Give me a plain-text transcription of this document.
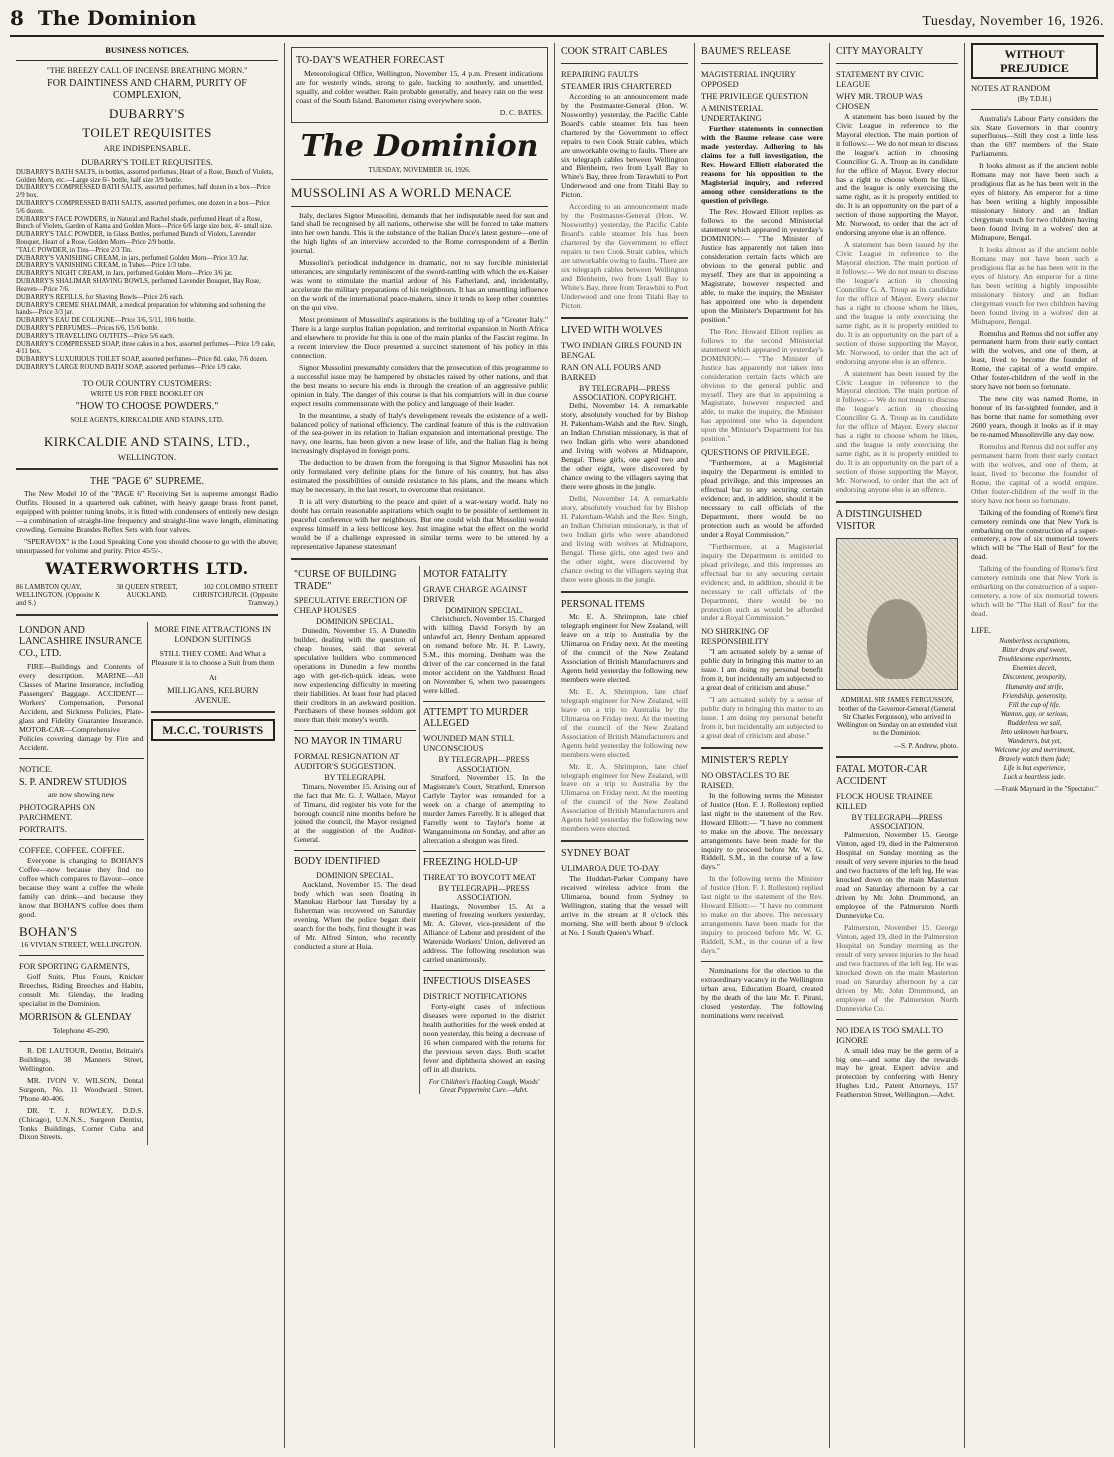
8 The Dominion	Tuesday, November 16, 1926.
BUSINESS NOTICES.
"THE BREEZY CALL OF INCENSE BREATHING MORN."
FOR DAINTINESS AND CHARM, PURITY OF COMPLEXION,
DUBARRY'S
TOILET REQUISITES
ARE INDISPENSABLE.
DUBARRY'S TOILET REQUISITES.
DUBARRY'S BATH SALTS, in bottles, assorted perfumes, Heart of a Rose, Bunch of Violets, Golden Morn, etc.—Large size 6/- bottle, half size 3/9 bottle.
DUBARRY'S COMPRESSED BATH SALTS, assorted perfumes, half dozen in a box—Price 2/9 box.
DUBARRY'S COMPRESSED BATH SALTS, assorted perfumes, one dozen in a box—Price 5/6 dozen.
DUBARRY'S FACE POWDERS, in Natural and Rachel shade, perfumed Heart of a Rose, Bunch of Violets, Garden of Kama and Golden Morn—Price 6/6 large size box, 4/- small size.
DUBARRY'S TALC POWDER, in Glass Bottles, perfumed Bunch of Violets, Lavender Bouquet, Heart of a Rose, Golden Morn—Price 2/9 bottle.
"TALC POWDER, in Tins—Price 2/3 Tin.
DUBARRY'S VANISHING CREAM, in jars, perfumed Golden Morn—Price 3/3 Jar.
DUBARRY'S VANISHING CREAM, in Tubes—Price 1/3 tube.
DUBARRY'S NIGHT CREAM, in Jars, perfumed Golden Morn—Price 3/6 jar.
DUBARRY'S SHALIMAR SHAVING BOWLS, perfumed Lavender Bouquet, Bay Rose, Heaven—Price 7/6.
DUBARRY'S REFILLS, for Shaving Bowls—Price 2/6 each.
DUBARRY'S CREME SHALIMAR, a medical preparation for whitening and softening the hands—Price 3/3 jar.
DUBARRY'S EAU DE COLOGNE—Price 3/6, 5/11, 10/6 bottle.
DUBARRY'S PERFUMES—Prices 6/6, 15/6 bottle.
DUBARRY'S TRAVELLING OUTFITS—Price 5/6 each.
DUBARRY'S COMPRESSED SOAP, three cakes in a box, assorted perfumes—Price 1/9 cake, 4/11 box.
DUBARRY'S LUXURIOUS TOILET SOAP, assorted perfumes—Price 8d. cake, 7/6 dozen.
DUBARRY'S LARGE ROUND BATH SOAP, assorted perfumes—Price 1/9 cake.
TO OUR COUNTRY CUSTOMERS:
WRITE US FOR FREE BOOKLET ON
"HOW TO CHOOSE POWDERS."
SOLE AGENTS, KIRKCALDIE AND STAINS, LTD.
KIRKCALDIE AND STAINS, LTD.,
WELLINGTON.
THE "PAGE 6" SUPREME.

The New Model 10 of the "PAGE 6" Receiving Set is supreme amongst Radio Outfits. Housed in a quartered oak cabinet, with heavy gauge brass front panel, equipped with pointer tuning knobs, it is fitted with condensers of entirely new design—a combination of straight-line frequency and straight-line wave length, eliminating crowding. Genuine Brandes Reflex Sets with four valves.

"SPERAVOX" is the Loud Speaking Cone you should choose to go with the above; unsurpassed for volume and purity. Price 45/5/-.

WATERWORTHS LTD.
86 LAMBTON QUAY, WELLINGTON. (Opposite K and S.)
38 QUEEN STREET, AUCKLAND.
102 COLOMBO STREET CHRISTCHURCH. (Opposite Tramway.)
LONDON AND LANCASHIRE INSURANCE CO., LTD.

FIRE—Buildings and Contents of every description. MARINE—All Classes of Marine Insurance, including Passengers' Baggage. ACCIDENT—Workers' Compensation, Personal Accident, and Sickness Policies, Plate-glass and Fidelity Guarantee Insurance. MOTOR-CAR—Comprehensive Policies covering damage by Fire and Accident.

NOTICE.
S. P. ANDREW STUDIOS
are now showing new
PHOTOGRAPHS ON PARCHMENT.
PORTRAITS.
COFFEE. COFFEE. COFFEE.

Everyone is changing to BOHAN'S Coffee—now because they find no coffee which compares to flavour—once because they want a coffee the whole family can drink—and because they know that BOHAN'S coffee does them good.

BOHAN'S
16 VIVIAN STREET, WELLINGTON.
FOR SPORTING GARMENTS,

Golf Suits, Plus Fours, Knicker Breeches, Riding Breeches and Habits, consult Mr. Glenday, the leading specialist in the Dominion.

MORRISON & GLENDAY
Telephone 45-290.

R. DE LAUTOUR, Dentist, Brittain's Buildings, 38 Manners Street, Wellington.

MR. IVON V. WILSON, Dental Surgeon, No. 11 Woodward Street. 'Phone 40-406.

DR. T. J. ROWLEY, D.D.S. (Chicago), U.N.N.S., Surgeon Dentist, Tonks Buildings, Corner Cuba and Dixon Streets.

MORE FINE ATTRACTIONS IN LONDON SUITINGS
STILL THEY COME: And What a Pleasure it is to choose a Suit from them
At
MILLIGANS, KELBURN AVENUE.
M.C.C. TOURISTS
TO-DAY'S WEATHER FORECAST

Meteorological Office, Wellington, November 15, 4 p.m. Present indications are for westerly winds, strong to gale, backing to southerly, and unsettled, squally, and colder weather. Rain probable generally, and heavy rain on the west coast of the South Island. Barometer rising everywhere soon.

D. C. BATES.
The Dominion
TUESDAY, NOVEMBER 16, 1926.
MUSSOLINI AS A WORLD MENACE

Italy, declares Signor Mussolini, demands that her indisputable need for sun and land shall be recognised by all nations, otherwise she will be forced to take matters into her own hands. This is the substance of the Italian Duce's latest gesture—one of the high lights of an interview accorded to the Rome correspondent of a Berlin journal.

Mussolini's periodical indulgence in dramatic, not to say forcible ministerial utterances, are singularly reminiscent of the sword-rattling with which the ex-Kaiser was wont to stimulate the martial ardour of his Fatherland, and, incidentally, accelerate the military preparations of his neighbours. It has an unsettling influence on the work of the international peace-makers, since it tends to keep other countries on the qui vive.

Most prominent of Mussolini's aspirations is the building up of a "Greater Italy." There is a large surplus Italian population, and territorial expansion in North Africa and elsewhere to provide for this is one of the main planks of the Fascist regime. In a recent interview the Duce presented a succinct statement of his policy in this connection.

Signor Mussolini presumably considers that the prosecution of this programme to a successful issue may be hampered by obstacles raised by other nations, and that the best means to secure his ends is through the creation of an aggressive public opinion in Italy. The danger of this course is that his compatriots will in due course expect results commensurate with the policy and language of their leader.

In the meantime, a study of Italy's development reveals the existence of a well-balanced policy of national efficiency. The cardinal feature of this is the cultivation of the sea-power in its relation to Italian expansion and international prestige. The navy, one learns, has been given a new lease of life, and the Italian flag is being increasingly displayed in foreign ports.

The deduction to be drawn from the foregoing is that Signor Mussolini has not only formulated very definite plans for the future of his country, but has also estimated the possibilities of outside resistance to his plans, and the means which may be necessary, in the last resort, to overcome that resistance.

It is all very disturbing to the peace and quiet of a war-weary world. Italy no doubt has certain reasonable aspirations which ought to be possible of settlement in peaceful conference with her neighbours. But one could wish that Mussolini would express himself in a less bellicose key. Just imagine what the effect on the world would be if a challenge expressed in similar terms were to be uttered by a representative Japanese statesman!

"CURSE OF BUILDING TRADE"
SPECULATIVE ERECTION OF CHEAP HOUSES
DOMINION SPECIAL.

Dunedin, November 15. A Dunedin builder, dealing with the question of cheap houses, said that several speculative builders who commenced operations in Dunedin a few months ago with get-rich-quick ideas, were now experiencing difficulty in meeting their liabilities. At least four had placed their creditors in an awkward position. Purchasers of these houses seldom got more than their money's worth.

NO MAYOR IN TIMARU
FORMAL RESIGNATION AT AUDITOR'S SUGGESTION.
BY TELEGRAPH.

Timaru, November 15. Arising out of the fact that Mr. G. J. Wallace, Mayor of Timaru, did register his vote for the borough council nine months before he joined the council, the Mayor resigned at the suggestion of the Auditor-General.

BODY IDENTIFIED
DOMINION SPECIAL.

Auckland, November 15. The dead body which was seen floating in Manukau Harbour last Tuesday by a fisherman was recovered on Saturday evening. When the police began their search for the body, first thought it was of Mr. Alfred Sinton, who recently conducted a store at Huia.

MOTOR FATALITY
GRAVE CHARGE AGAINST DRIVER
DOMINION SPECIAL.

Christchurch, November 15. Charged with killing David Forsyth by an unlawful act, Henry Denham appeared on remand before Mr. H. P. Lawry, S.M., this morning. Denham was the driver of the car concerned in the fatal motor accident on the Yaldhurst Road on November 6, when two passengers were killed.

ATTEMPT TO MURDER ALLEGED
WOUNDED MAN STILL UNCONSCIOUS
BY TELEGRAPH—PRESS ASSOCIATION.

Stratford, November 15. In the Magistrate's Court, Stratford, Emerson Carlyle Taylor was remanded for a week on a charge of attempting to murder James Farrelly. It is alleged that Farrelly went to Taylor's home at Wanganuimona on Sunday, and after an altercation a shotgun was fired.

FREEZING HOLD-UP
THREAT TO BOYCOTT MEAT
BY TELEGRAPH—PRESS ASSOCIATION.

Hastings, November 15. At a meeting of freezing workers yesterday, Mr. A. Glover, vice-president of the Alliance of Labour and president of the Waterside Workers' Union, delivered an address. The following resolution was carried unanimously.

INFECTIOUS DISEASES
DISTRICT NOTIFICATIONS

Forty-eight cases of infectious diseases were reported to the district health authorities for the week ended at noon yesterday, this being a decrease of 16 when compared with the returns for the previous seven days. Both scarlet fever and diphtheria showed an easing off in all districts.

For Children's Hacking Cough, Woods' Great Peppermint Cure.—Advt.
COOK STRAIT CABLES
REPAIRING FAULTS
STEAMER IRIS CHARTERED

According to an announcement made by the Postmaster-General (Hon. W. Nosworthy) yesterday, the Pacific Cable Board's cable steamer Iris has been chartered by the Government to effect repairs to two Cook Strait cables, which are unworkable owing to faults. There are six telegraph cables between Wellington and Blenheim, two from Lyall Bay to White's Bay, three from Terawhiti to Port Underwood and one from Titahi Bay to Picton.

According to an announcement made by the Postmaster-General (Hon. W. Nosworthy) yesterday, the Pacific Cable Board's cable steamer Iris has been chartered by the Government to effect repairs to two Cook Strait cables, which are unworkable owing to faults. There are six telegraph cables between Wellington and Blenheim, two from Lyall Bay to White's Bay, three from Terawhiti to Port Underwood and one from Titahi Bay to Picton.

LIVED WITH WOLVES
TWO INDIAN GIRLS FOUND IN BENGAL
RAN ON ALL FOURS AND BARKED
BY TELEGRAPH—PRESS ASSOCIATION. COPYRIGHT.

Delhi, November 14. A remarkable story, absolutely vouched for by Bishop H. Pakenham-Walsh and the Rev. Singh, an Indian Christian missionary, is that of two Indian girls who were abandoned and living with wolves at Midnapore, Bengal. These girls, one aged two and the other eight, were discovered by chance owing to the villagers saying that there were ghosts in the jungle.

Delhi, November 14. A remarkable story, absolutely vouched for by Bishop H. Pakenham-Walsh and the Rev. Singh, an Indian Christian missionary, is that of two Indian girls who were abandoned and living with wolves at Midnapore, Bengal. These girls, one aged two and the other eight, were discovered by chance owing to the villagers saying that there were ghosts in the jungle.

PERSONAL ITEMS

Mr. E. A. Shrimpton, late chief telegraph engineer for New Zealand, will leave on a trip to Australia by the Ulimaroa on Friday next. At the meeting of the council of the New Zealand Association of British Manufacturers and Agents held yesterday the following new members were elected.

Mr. E. A. Shrimpton, late chief telegraph engineer for New Zealand, will leave on a trip to Australia by the Ulimaroa on Friday next. At the meeting of the council of the New Zealand Association of British Manufacturers and Agents held yesterday the following new members were elected.

Mr. E. A. Shrimpton, late chief telegraph engineer for New Zealand, will leave on a trip to Australia by the Ulimaroa on Friday next. At the meeting of the council of the New Zealand Association of British Manufacturers and Agents held yesterday the following new members were elected.

SYDNEY BOAT
ULIMAROA DUE TO-DAY

The Huddart-Parker Company have received wireless advice from the Ulimaroa, bound from Sydney to Wellington, stating that the vessel will arrive in the stream at 8 o'clock this morning. She will berth about 9 o'clock at No. 1 South Queen's Wharf.

BAUME'S RELEASE
MAGISTERIAL INQUIRY OPPOSED
THE PRIVILEGE QUESTION
A MINISTERIAL UNDERTAKING

Further statements in connection with the Baume release case were made yesterday. Adhering to his claims for a full investigation, the Rev. Howard Elliott elaborated the reasons for his opposition to the Magisterial inquiry, and referred among other considerations to the question of privilege.

The Rev. Howard Elliott replies as follows to the second Ministerial statement which appeared in yesterday's DOMINION:— "The Minister of Justice has apparently not taken into consideration certain facts which are obvious to the general public and myself. They are that in appointing a Magistrate, however respected and able, to make the inquiry, the Minister has appointed one who is dependent upon the Minister's Department for his position."

The Rev. Howard Elliott replies as follows to the second Ministerial statement which appeared in yesterday's DOMINION:— "The Minister of Justice has apparently not taken into consideration certain facts which are obvious to the general public and myself. They are that in appointing a Magistrate, however respected and able, to make the inquiry, the Minister has appointed one who is dependent upon the Minister's Department for his position."

QUESTIONS OF PRIVILEGE.

"Furthermore, at a Magisterial inquiry the Department is entitled to plead privilege, and this impresses an effectual bar to any securing certain evidence; and, in addition, should it be necessary to call officials of the Department, there would be no protection such as would be afforded under a Royal Commission."

"Furthermore, at a Magisterial inquiry the Department is entitled to plead privilege, and this impresses an effectual bar to any securing certain evidence; and, in addition, should it be necessary to call officials of the Department, there would be no protection such as would be afforded under a Royal Commission."

NO SHIRKING OF RESPONSIBILITY

"I am actuated solely by a sense of public duty in bringing this matter to an issue. I am doing my personal benefit from it, but incidentally am subjected to a great deal of criticism and abuse."

"I am actuated solely by a sense of public duty in bringing this matter to an issue. I am doing my personal benefit from it, but incidentally am subjected to a great deal of criticism and abuse."

MINISTER'S REPLY
NO OBSTACLES TO BE RAISED.

In the following terms the Minister of Justice (Hon. F. J. Rolleston) replied last night to the statement of the Rev. Howard Elliott:— "I have no comment to make on the above. The necessary arrangements have been made for the inquiry to proceed before Mr. W. G. Riddell, S.M., in the course of a few days."

In the following terms the Minister of Justice (Hon. F. J. Rolleston) replied last night to the statement of the Rev. Howard Elliott:— "I have no comment to make on the above. The necessary arrangements have been made for the inquiry to proceed before Mr. W. G. Riddell, S.M., in the course of a few days."

Nominations for the election to the extraordinary vacancy in the Wellington urban area, Education Board, created by the death of the late Mr. F. Pirani, closed yesterday. The following nominations were received.

CITY MAYORALTY
STATEMENT BY CIVIC LEAGUE
WHY MR. TROUP WAS CHOSEN

A statement has been issued by the Civic League in reference to the Mayoral election. The main portion of it follows:— We do not mean to discuss the league's action in choosing Councillor G. A. Troup as its candidate for the office of Mayor. Every elector has a right to choose whom he likes, and the league is only exercising the same right, as it is properly entitled to do. It is an opportunity on the part of a section of those supporting the Mayor, Mr. Norwood, to order that the act of endorsing anyone else is an offence.

A statement has been issued by the Civic League in reference to the Mayoral election. The main portion of it follows:— We do not mean to discuss the league's action in choosing Councillor G. A. Troup as its candidate for the office of Mayor. Every elector has a right to choose whom he likes, and the league is only exercising the same right, as it is properly entitled to do. It is an opportunity on the part of a section of those supporting the Mayor, Mr. Norwood, to order that the act of endorsing anyone else is an offence.

A statement has been issued by the Civic League in reference to the Mayoral election. The main portion of it follows:— We do not mean to discuss the league's action in choosing Councillor G. A. Troup as its candidate for the office of Mayor. Every elector has a right to choose whom he likes, and the league is only exercising the same right, as it is properly entitled to do. It is an opportunity on the part of a section of those supporting the Mayor, Mr. Norwood, to order that the act of endorsing anyone else is an offence.

A DISTINGUISHED VISITOR
ADMIRAL SIR JAMES FERGUSSON, brother of the Governor-General (General Sir Charles Fergusson), who arrived in Wellington on Sunday on an extended visit to the Dominion.
—S. P. Andrew, photo.
FATAL MOTOR-CAR ACCIDENT
FLOCK HOUSE TRAINEE KILLED
BY TELEGRAPH—PRESS ASSOCIATION.

Palmerston, November 15. George Vinton, aged 19, died in the Palmerston Hospital on Sunday morning as the result of very severe injuries to the head and two fractures of the left leg. He was knocked down on the main Masterton road on Saturday afternoon by a car driven by Mr. John Drummond, an employee of the Palmerston North Dunnevirke Co.

Palmerston, November 15. George Vinton, aged 19, died in the Palmerston Hospital on Sunday morning as the result of very severe injuries to the head and two fractures of the left leg. He was knocked down on the main Masterton road on Saturday afternoon by a car driven by Mr. John Drummond, an employee of the Palmerston North Dunnevirke Co.

NO IDEA IS TOO SMALL TO IGNORE

A small idea may be the germ of a big one—and some day the rewards may be great. Expert advice and protection by conferring with Henry Hughes Ltd., Patent Attorneys, 157 Featherston Street, Wellington.—Advt.

WITHOUT PREJUDICE
NOTES AT RANDOM
(By T.D.H.)

Australia's Labour Party considers the six State Governors in that country superfluous—Still they cost a little less than the 697 members of the State Parliaments.

It looks almost as if the ancient noble Romans may not have been such a prodigious flat as he has been writ in the eyes of history. An emperor for a time has been writing a highly impossible missionary history and an Indian clergyman vouch for two children having been found living in a wolves' den at Midnapore, Bengal.

It looks almost as if the ancient noble Romans may not have been such a prodigious flat as he has been writ in the eyes of history. An emperor for a time has been writing a highly impossible missionary history and an Indian clergyman vouch for two children having been found living in a wolves' den at Midnapore, Bengal.

Romulus and Remus did not suffer any permanent harm from their early contact with the wolves, and one of them, at least, lived to become the founder of Rome, the capital of a world empire. Other foster-children of the wolf in the story have not been so fortunate.

The new city was named Rome, in honour of its far-sighted founder, and it has borne that name for something over 2600 years, though it looks as if it may be re-named Mussolinville any day now.

Romulus and Remus did not suffer any permanent harm from their early contact with the wolves, and one of them, at least, lived to become the founder of Rome, the capital of a world empire. Other foster-children of the wolf in the story have not been so fortunate.

Talking of the founding of Rome's first cemetery reminds one that New York is embarking on the construction of a super-cemetery, a row of six memorial towers which will be "The Hall of Rest" for the dead.

Talking of the founding of Rome's first cemetery reminds one that New York is embarking on the construction of a super-cemetery, a row of six memorial towers which will be "The Hall of Rest" for the dead.

LIFE.
Numberless occupations,
Bitter drops and sweet,
Troublesome experiments,
Enemies deceit,
Discontent, prosperity,
Humanity and strife,
Friendship, generosity,
Fill the cup of life.
Wanton, gay, or serious,
Rudderless we sail,
Into unknown harbours,
Wanderers, but yet,
Welcome joy and merriment,
Bravely watch them fade;
Life is but experience,
Luck a heartless jade.
—Frank Maynard in the "Spectator."
